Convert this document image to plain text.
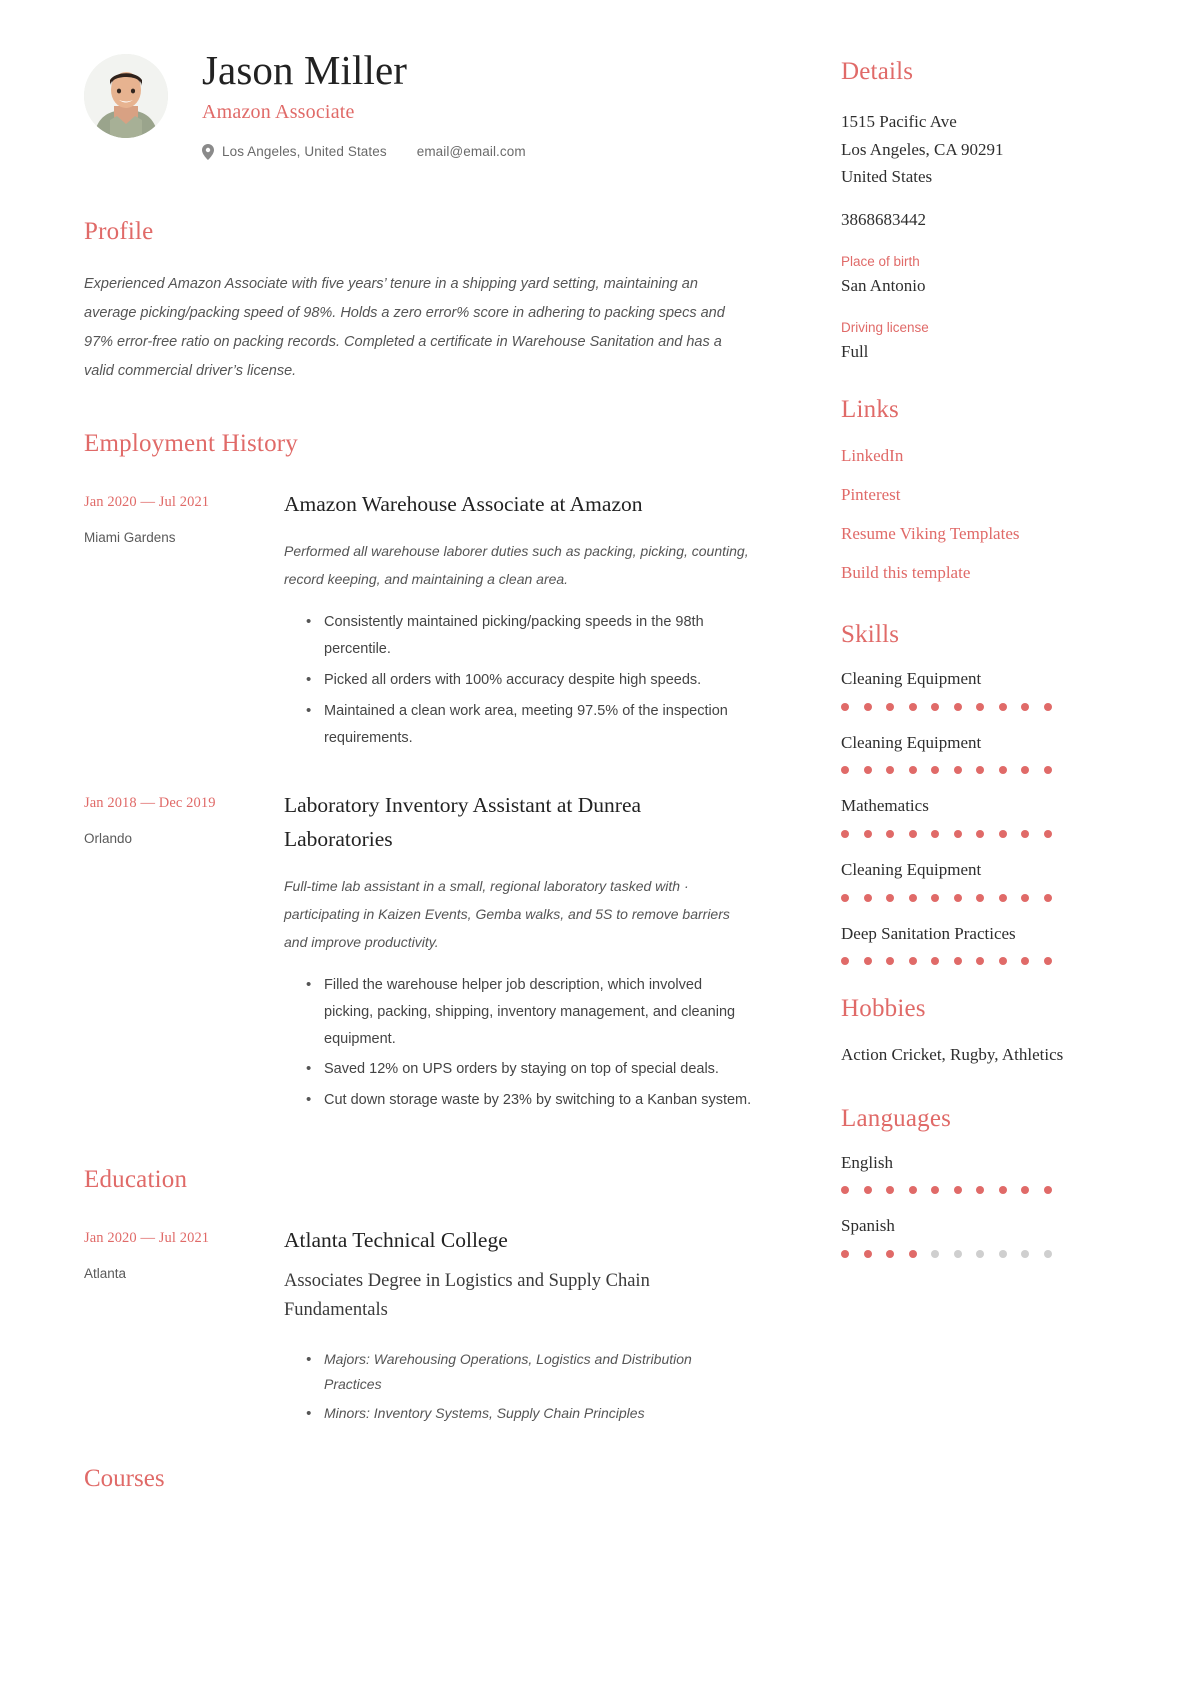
Jason Miller
Amazon Associate
Los Angeles, United States email@email.com
Profile
Experienced Amazon Associate with five years’ tenure in a shipping yard setting, maintaining an average picking/packing speed of 98%. Holds a zero error% score in adhering to packing specs and 97% error-free ratio on packing records. Completed a certificate in Warehouse Sanitation and has a valid commercial driver’s license.
Employment History
Jan 2020 — Jul 2021
Miami Gardens
Amazon Warehouse Associate at Amazon
Performed all warehouse laborer duties such as packing, picking, counting, record keeping, and maintaining a clean area.
• Consistently maintained picking/packing speeds in the 98th percentile.
• Picked all orders with 100% accuracy despite high speeds.
• Maintained a clean work area, meeting 97.5% of the inspection requirements.
Jan 2018 — Dec 2019
Orlando
Laboratory Inventory Assistant at Dunrea Laboratories
Full-time lab assistant in a small, regional laboratory tasked with · participating in Kaizen Events, Gemba walks, and 5S to remove barriers and improve productivity.
• Filled the warehouse helper job description, which involved picking, packing, shipping, inventory management, and cleaning equipment.
• Saved 12% on UPS orders by staying on top of special deals.
• Cut down storage waste by 23% by switching to a Kanban system.
Education
Jan 2020 — Jul 2021
Atlanta
Atlanta Technical College
Associates Degree in Logistics and Supply Chain Fundamentals
• Majors: Warehousing Operations, Logistics and Distribution Practices
• Minors: Inventory Systems, Supply Chain Principles
Courses
Details
1515 Pacific Ave
Los Angeles, CA 90291
United States
3868683442
Place of birth
San Antonio
Driving license
Full
Links
LinkedIn
Pinterest
Resume Viking Templates
Build this template
Skills
Cleaning Equipment
Cleaning Equipment
Mathematics
Cleaning Equipment
Deep Sanitation Practices
Hobbies
Action Cricket, Rugby, Athletics
Languages
English
Spanish
